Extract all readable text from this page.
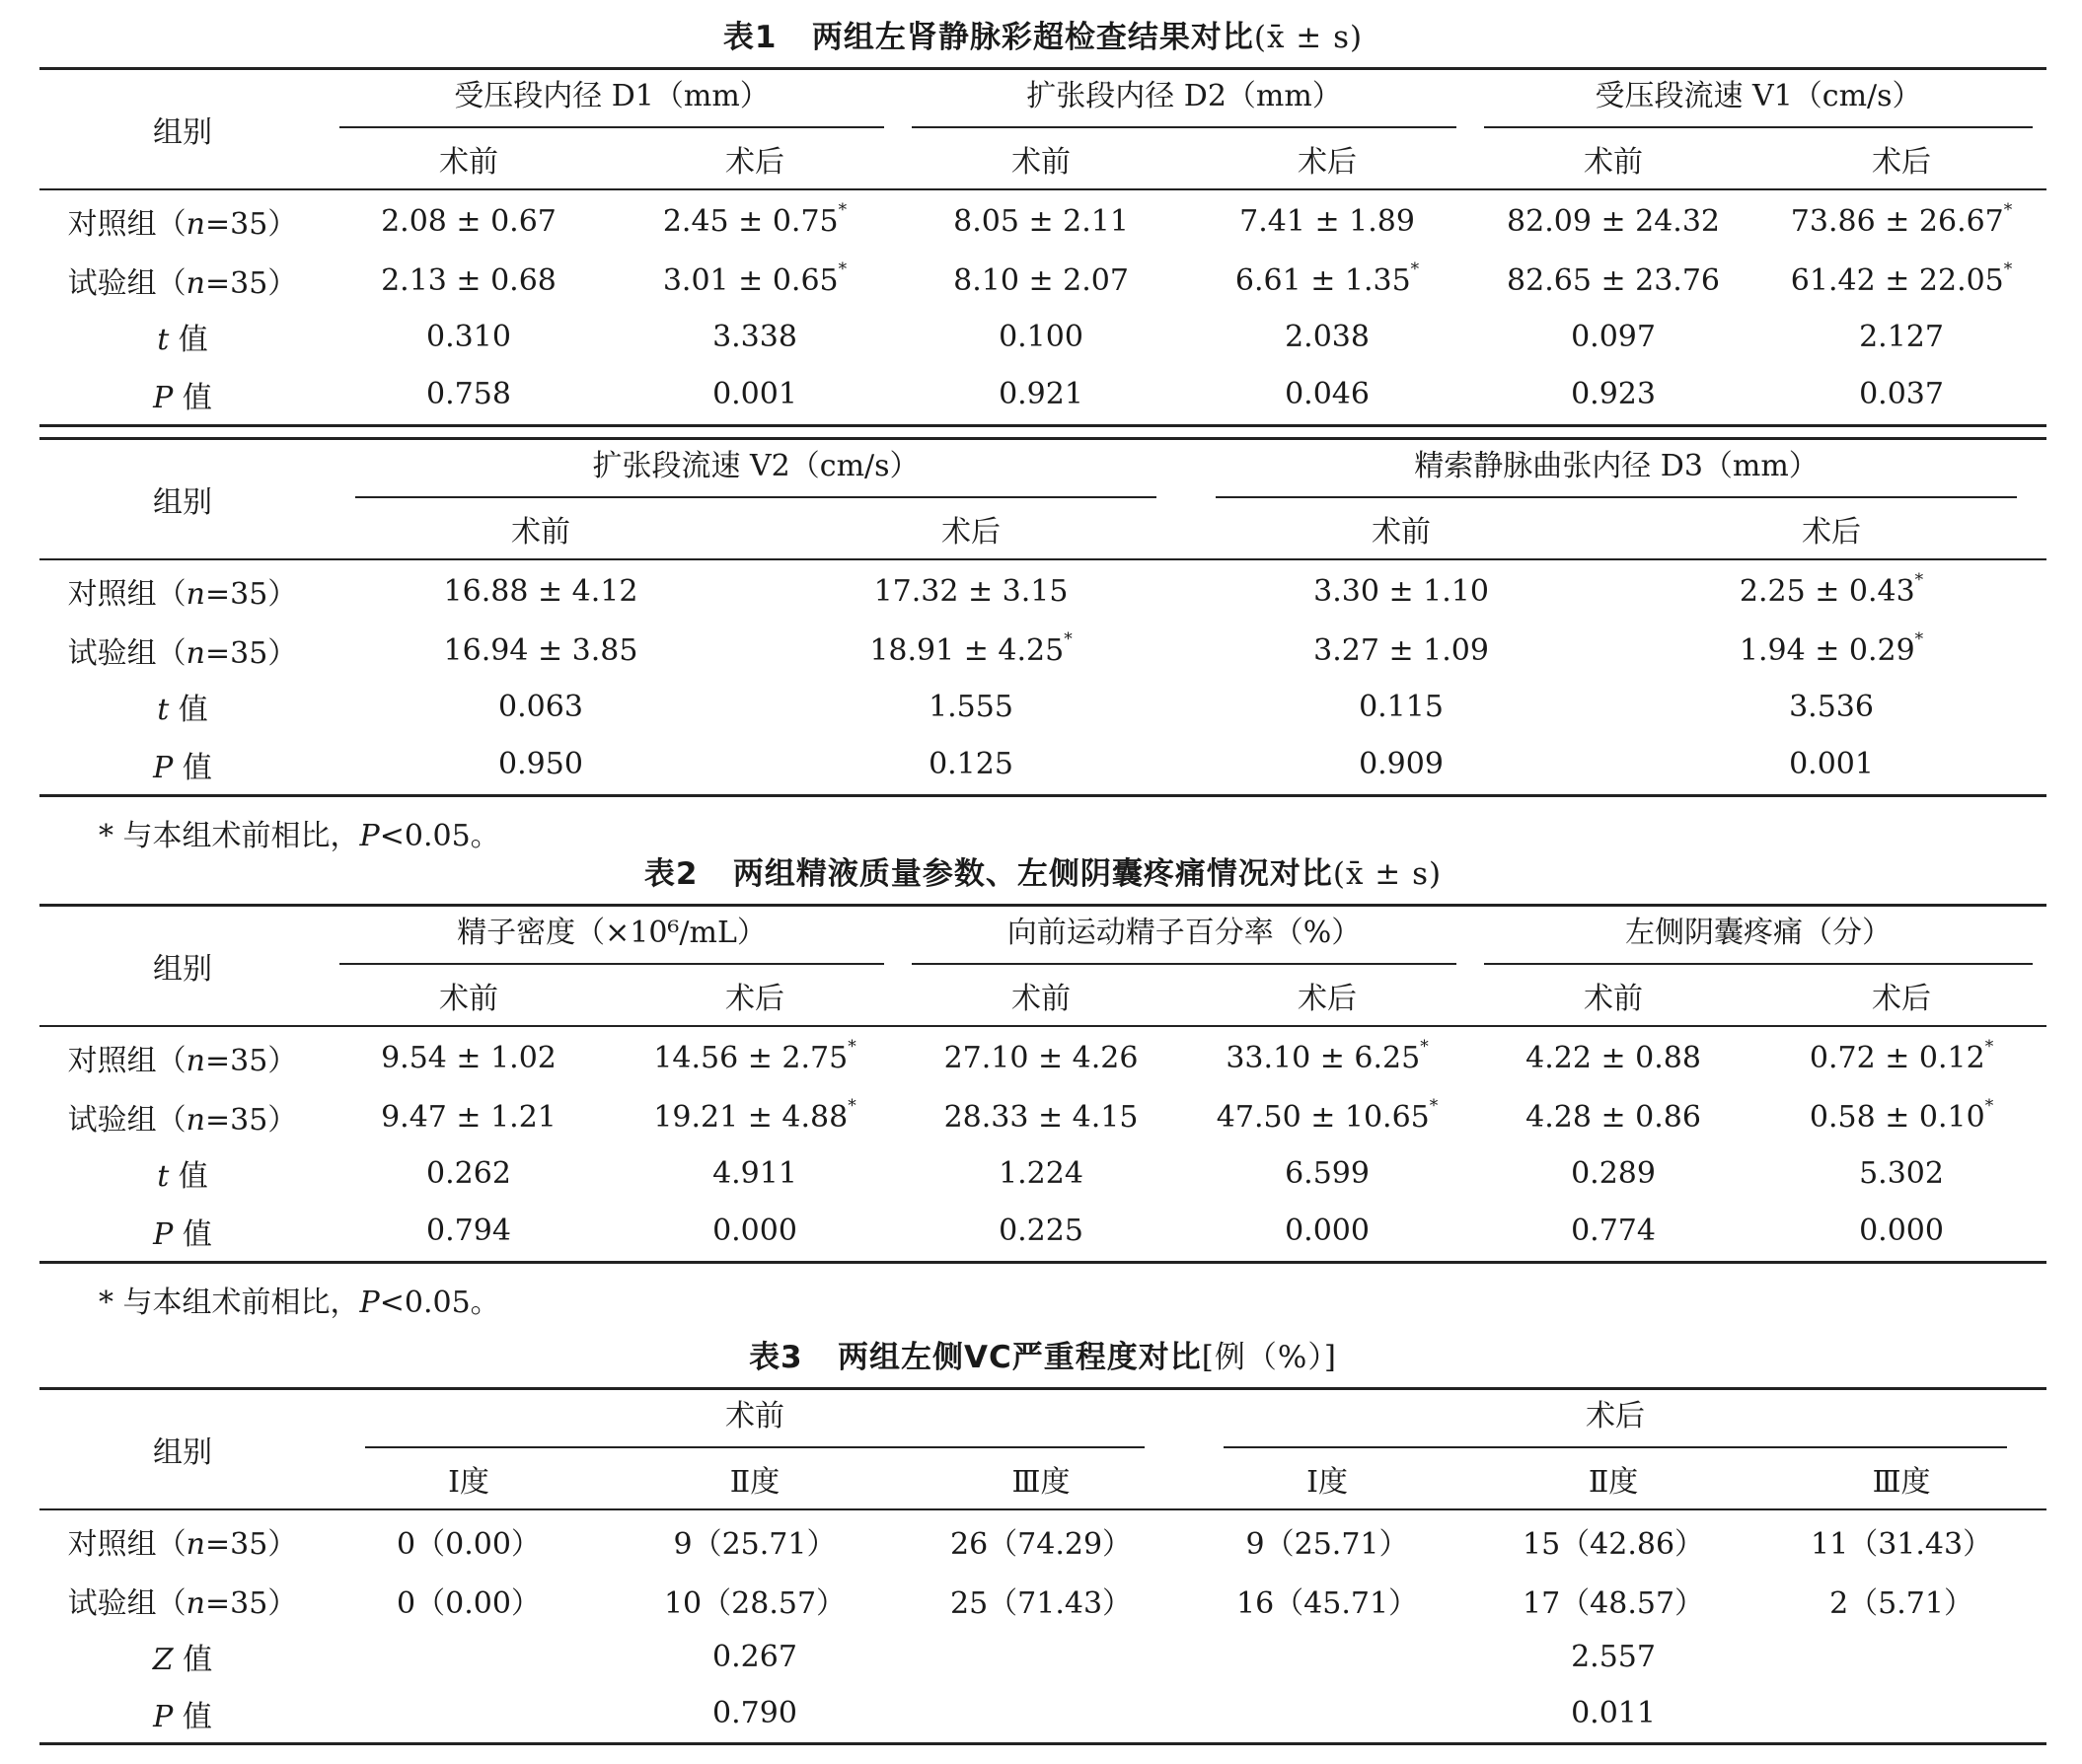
表1 两组左肾静脉彩超检查结果对比(x̄ ± s)

组别	受压段内径 D1（mm）		扩张段内径 D2（mm）		受压段流速 V1（cm/s）	

	术前	术后	术前	术后	术前	术后
对照组（n=35）	2.08 ± 0.67	2.45 ± 0.75*	8.05 ± 2.11	7.41 ± 1.89	82.09 ± 24.32	73.86 ± 26.67*
试验组（n=35）	2.13 ± 0.68	3.01 ± 0.65*	8.10 ± 2.07	6.61 ± 1.35*	82.65 ± 23.76	61.42 ± 22.05*
t 值	0.310	3.338	0.100	2.038	0.097	2.127
P 值	0.758	0.001	0.921	0.046	0.923	0.037
组别	扩张段流速 V2（cm/s）		精索静脉曲张内径 D3（mm）	

	术前	术后	术前	术后
对照组（n=35）	16.88 ± 4.12	17.32 ± 3.15	3.30 ± 1.10	2.25 ± 0.43*
试验组（n=35）	16.94 ± 3.85	18.91 ± 4.25*	3.27 ± 1.09	1.94 ± 0.29*
t 值	0.063	1.555	0.115	3.536
P 值	0.950	0.125	0.909	0.001

* 与本组术前相比，P<0.05。

表2 两组精液质量参数、左侧阴囊疼痛情况对比(x̄ ± s)

组别	精子密度（×10⁶/mL）		向前运动精子百分率（%）		左侧阴囊疼痛（分）	

	术前	术后	术前	术后	术前	术后
对照组（n=35）	9.54 ± 1.02	14.56 ± 2.75*	27.10 ± 4.26	33.10 ± 6.25*	4.22 ± 0.88	0.72 ± 0.12*
试验组（n=35）	9.47 ± 1.21	19.21 ± 4.88*	28.33 ± 4.15	47.50 ± 10.65*	4.28 ± 0.86	0.58 ± 0.10*
t 值	0.262	4.911	1.224	6.599	0.289	5.302
P 值	0.794	0.000	0.225	0.000	0.774	0.000

* 与本组术前相比，P<0.05。

表3 两组左侧VC严重程度对比[例（%）]

组别	术前			术后		

	Ⅰ度	Ⅱ度	Ⅲ度	Ⅰ度	Ⅱ度	Ⅲ度
对照组（n=35）	0（0.00）	9（25.71）	26（74.29）	9（25.71）	15（42.86）	11（31.43）
试验组（n=35）	0（0.00）	10（28.57）	25（71.43）	16（45.71）	17（48.57）	2（5.71）
Z 值		0.267			2.557	
P 值		0.790			0.011	
